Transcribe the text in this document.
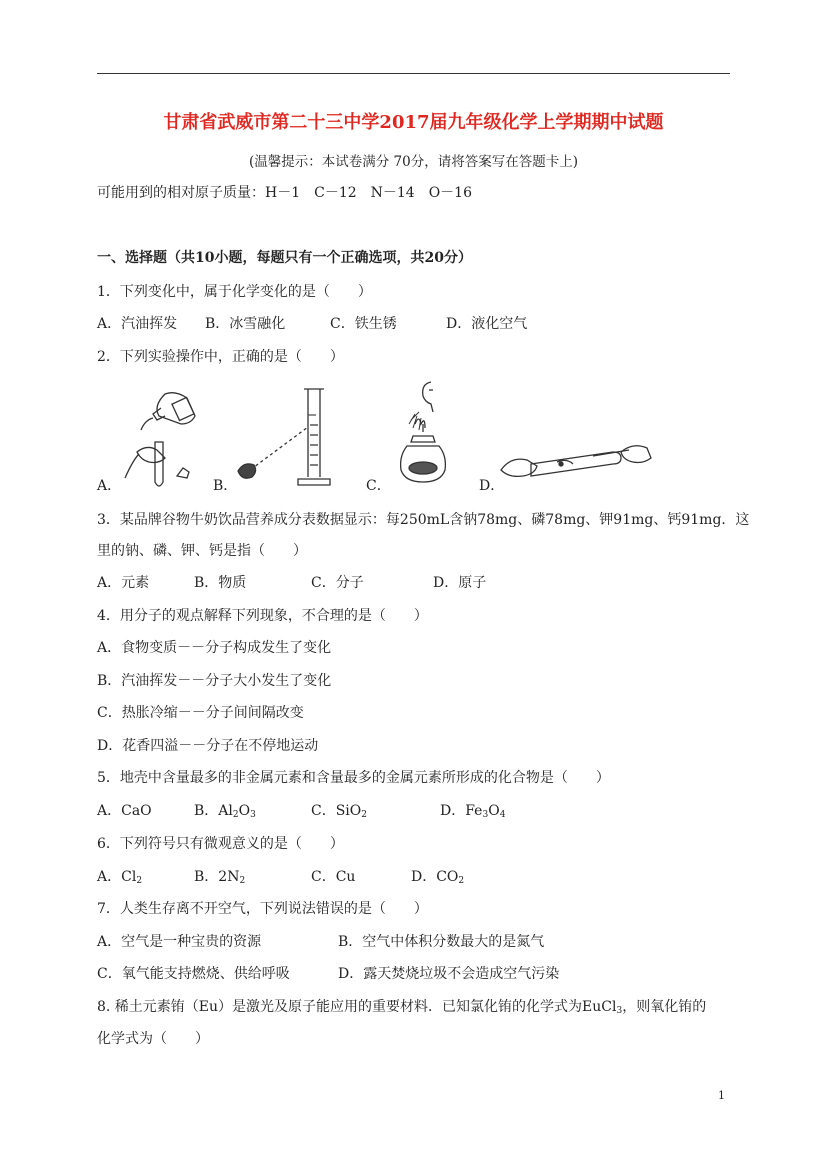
甘肃省武威市第二十三中学2017届九年级化学上学期期中试题
(温馨提示：本试卷满分 70分，请将答案写在答题卡上)
可能用到的相对原子质量：H－1　C－12　N－14　O－16
一、选择题（共10小题，每题只有一个正确选项，共20分）
1．下列变化中，属于化学变化的是（　　）
A．汽油挥发 B．冰雪融化	C．铁生锈	D．液化空气
2．下列实验操作中，正确的是（　　）
A．	B．	C．	D．
3．某品牌谷物牛奶饮品营养成分表数据显示：每250mL含钠78mg、磷78mg、钾91mg、钙91mg．这
里的钠、磷、钾、钙是指（　　）
A．元素	B．物质	C．分子	D．原子
4．用分子的观点解释下列现象，不合理的是（　　）
A．食物变质－－分子构成发生了变化
B．汽油挥发－－分子大小发生了变化
C．热胀冷缩－－分子间间隔改变
D．花香四溢－－分子在不停地运动
5．地壳中含量最多的非金属元素和含量最多的金属元素所形成的化合物是（　　）
A．CaO	B．$Al_2O_3$	C．SiO$_2$	D．$Fe_3O_4$
6．下列符号只有微观意义的是（　　）
A．$Cl_2$	B．$2N_2$	C．Cu	D．$CO_2$
7．人类生存离不开空气，下列说法错误的是（　　）
A．空气是一种宝贵的资源	B．空气中体积分数最大的是氮气
C．氧气能支持燃烧、供给呼吸	D．露天焚烧垃圾不会造成空气污染
8. 稀土元素铕（Eu）是激光及原子能应用的重要材料．已知氯化铕的化学式为EuCl$_3$，则氧化铕的
化学式为（　　）
1
